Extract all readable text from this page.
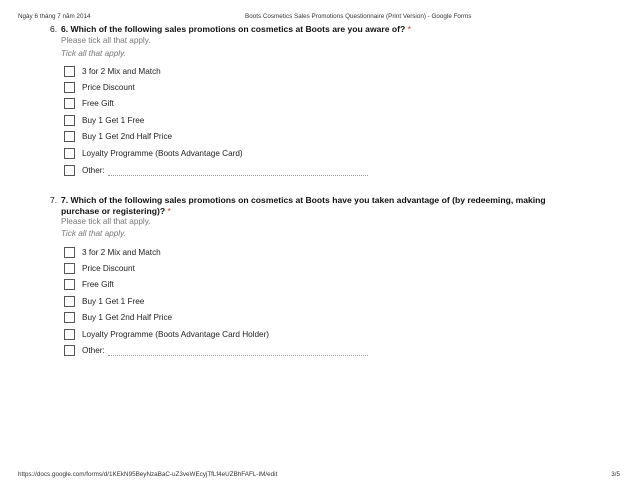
Ngày 6 tháng 7 năm 2014	Boots Cosmetics Sales Promotions Questionnaire (Print Version) - Google Forms
6. 6. Which of the following sales promotions on cosmetics at Boots are you aware of? *
Please tick all that apply.
Tick all that apply.
3 for 2 Mix and Match
Price Discount
Free Gift
Buy 1 Get 1 Free
Buy 1 Get 2nd Half Price
Loyalty Programme (Boots Advantage Card)
Other:
7. 7. Which of the following sales promotions on cosmetics at Boots have you taken advantage of (by redeeming, making purchase or registering)? *
Please tick all that apply.
Tick all that apply.
3 for 2 Mix and Match
Price Discount
Free Gift
Buy 1 Get 1 Free
Buy 1 Get 2nd Half Price
Loyalty Programme (Boots Advantage Card Holder)
Other:
https://docs.google.com/forms/d/1KEkN95BeyNzaBaC-uZ3veWEcyjTfLf4eUZBhFAFL-IM/edit	3/5
